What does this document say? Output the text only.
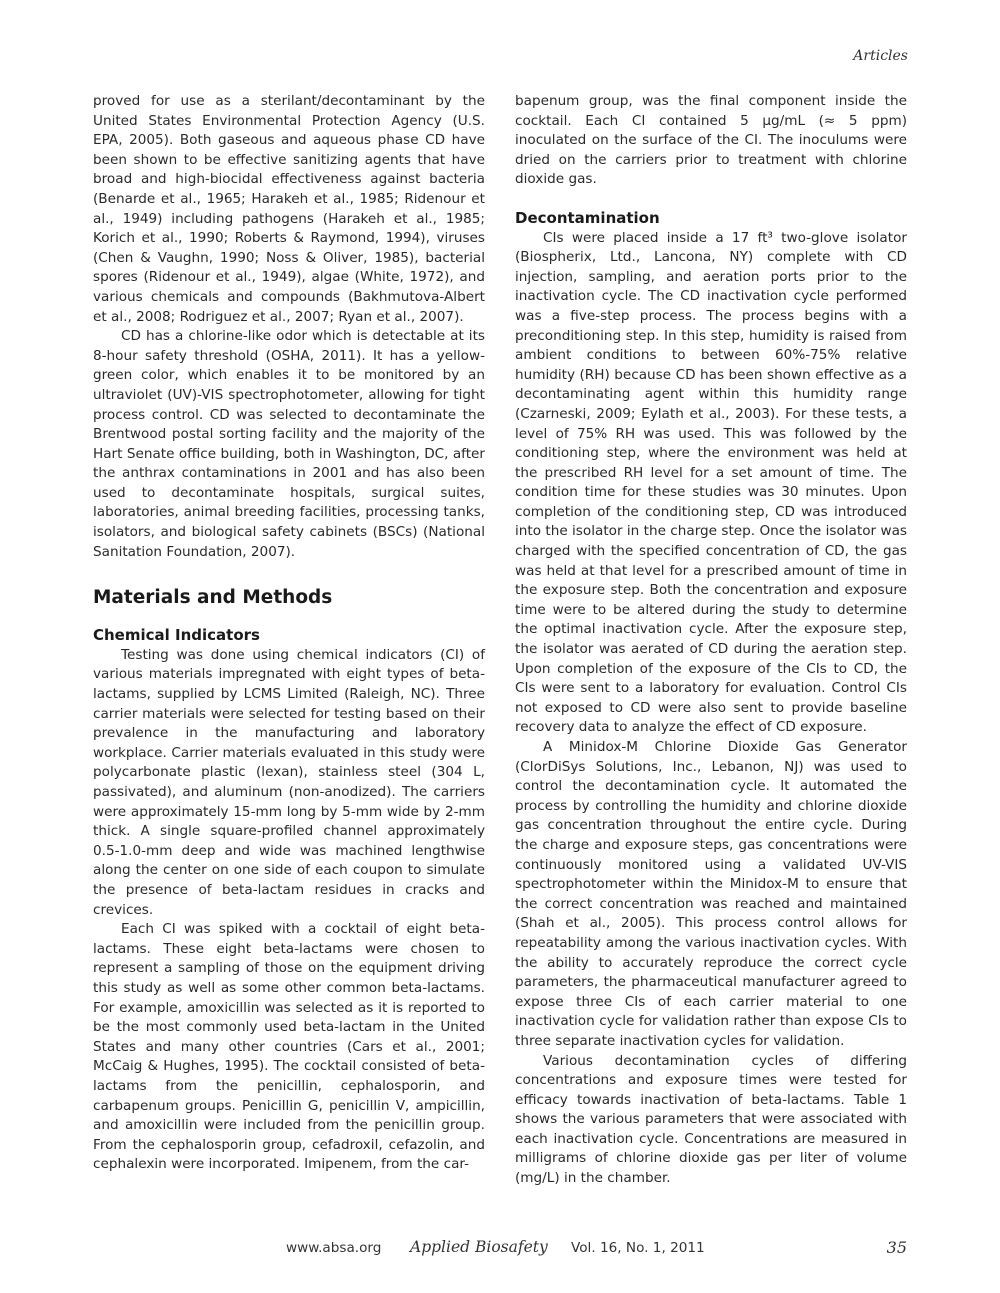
Articles

proved for use as a sterilant/decontaminant by the United States Environmental Protection Agency (U.S. EPA, 2005). Both gaseous and aqueous phase CD have been shown to be effective sanitizing agents that have broad and high-biocidal effectiveness against bacteria (Benarde et al., 1965; Harakeh et al., 1985; Ridenour et al., 1949) including pathogens (Harakeh et al., 1985; Korich et al., 1990; Roberts & Raymond, 1994), viruses (Chen & Vaughn, 1990; Noss & Oliver, 1985), bacterial spores (Ridenour et al., 1949), algae (White, 1972), and various chemicals and compounds (Bakhmutova-Albert et al., 2008; Rodriguez et al., 2007; Ryan et al., 2007).

CD has a chlorine-like odor which is detectable at its 8-hour safety threshold (OSHA, 2011). It has a yellow-green color, which enables it to be monitored by an ultraviolet (UV)-VIS spectrophotometer, allowing for tight process control. CD was selected to decontaminate the Brentwood postal sorting facility and the majority of the Hart Senate office building, both in Washington, DC, after the anthrax contaminations in 2001 and has also been used to decontaminate hospitals, surgical suites, laboratories, animal breeding facilities, processing tanks, isolators, and biological safety cabinets (BSCs) (National Sanitation Foundation, 2007).

Materials and Methods
Chemical Indicators

Testing was done using chemical indicators (CI) of various materials impregnated with eight types of beta-lactams, supplied by LCMS Limited (Raleigh, NC). Three carrier materials were selected for testing based on their prevalence in the manufacturing and laboratory workplace. Carrier materials evaluated in this study were polycarbonate plastic (lexan), stainless steel (304 L, passivated), and aluminum (non-anodized). The carriers were approximately 15-mm long by 5-mm wide by 2-mm thick. A single square-profiled channel approximately 0.5-1.0-mm deep and wide was machined lengthwise along the center on one side of each coupon to simulate the presence of beta-lactam residues in cracks and crevices.

Each CI was spiked with a cocktail of eight beta-lactams. These eight beta-lactams were chosen to represent a sampling of those on the equipment driving this study as well as some other common beta-lactams. For example, amoxicillin was selected as it is reported to be the most commonly used beta-lactam in the United States and many other countries (Cars et al., 2001; McCaig & Hughes, 1995). The cocktail consisted of beta-lactams from the penicillin, cephalosporin, and carbapenum groups. Penicillin G, penicillin V, ampicillin, and amoxicillin were included from the penicillin group. From the cephalosporin group, cefadroxil, cefazolin, and cephalexin were incorporated. Imipenem, from the car-

bapenum group, was the final component inside the cocktail. Each CI contained 5 µg/mL (≈ 5 ppm) inoculated on the surface of the CI. The inoculums were dried on the carriers prior to treatment with chlorine dioxide gas.

Decontamination

CIs were placed inside a 17 ft³ two-glove isolator (Biospherix, Ltd., Lancona, NY) complete with CD injection, sampling, and aeration ports prior to the inactivation cycle. The CD inactivation cycle performed was a five-step process. The process begins with a preconditioning step. In this step, humidity is raised from ambient conditions to between 60%-75% relative humidity (RH) because CD has been shown effective as a decontaminating agent within this humidity range (Czarneski, 2009; Eylath et al., 2003). For these tests, a level of 75% RH was used. This was followed by the conditioning step, where the environment was held at the prescribed RH level for a set amount of time. The condition time for these studies was 30 minutes. Upon completion of the conditioning step, CD was introduced into the isolator in the charge step. Once the isolator was charged with the specified concentration of CD, the gas was held at that level for a prescribed amount of time in the exposure step. Both the concentration and exposure time were to be altered during the study to determine the optimal inactivation cycle. After the exposure step, the isolator was aerated of CD during the aeration step. Upon completion of the exposure of the CIs to CD, the CIs were sent to a laboratory for evaluation. Control CIs not exposed to CD were also sent to provide baseline recovery data to analyze the effect of CD exposure.

A Minidox-M Chlorine Dioxide Gas Generator (ClorDiSys Solutions, Inc., Lebanon, NJ) was used to control the decontamination cycle. It automated the process by controlling the humidity and chlorine dioxide gas concentration throughout the entire cycle. During the charge and exposure steps, gas concentrations were continuously monitored using a validated UV-VIS spectrophotometer within the Minidox-M to ensure that the correct concentration was reached and maintained (Shah et al., 2005). This process control allows for repeatability among the various inactivation cycles. With the ability to accurately reproduce the correct cycle parameters, the pharmaceutical manufacturer agreed to expose three CIs of each carrier material to one inactivation cycle for validation rather than expose CIs to three separate inactivation cycles for validation.

Various decontamination cycles of differing concentrations and exposure times were tested for efficacy towards inactivation of beta-lactams. Table 1 shows the various parameters that were associated with each inactivation cycle. Concentrations are measured in milligrams of chlorine dioxide gas per liter of volume (mg/L) in the chamber.

www.absa.org Applied Biosafety Vol. 16, No. 1, 2011	35
